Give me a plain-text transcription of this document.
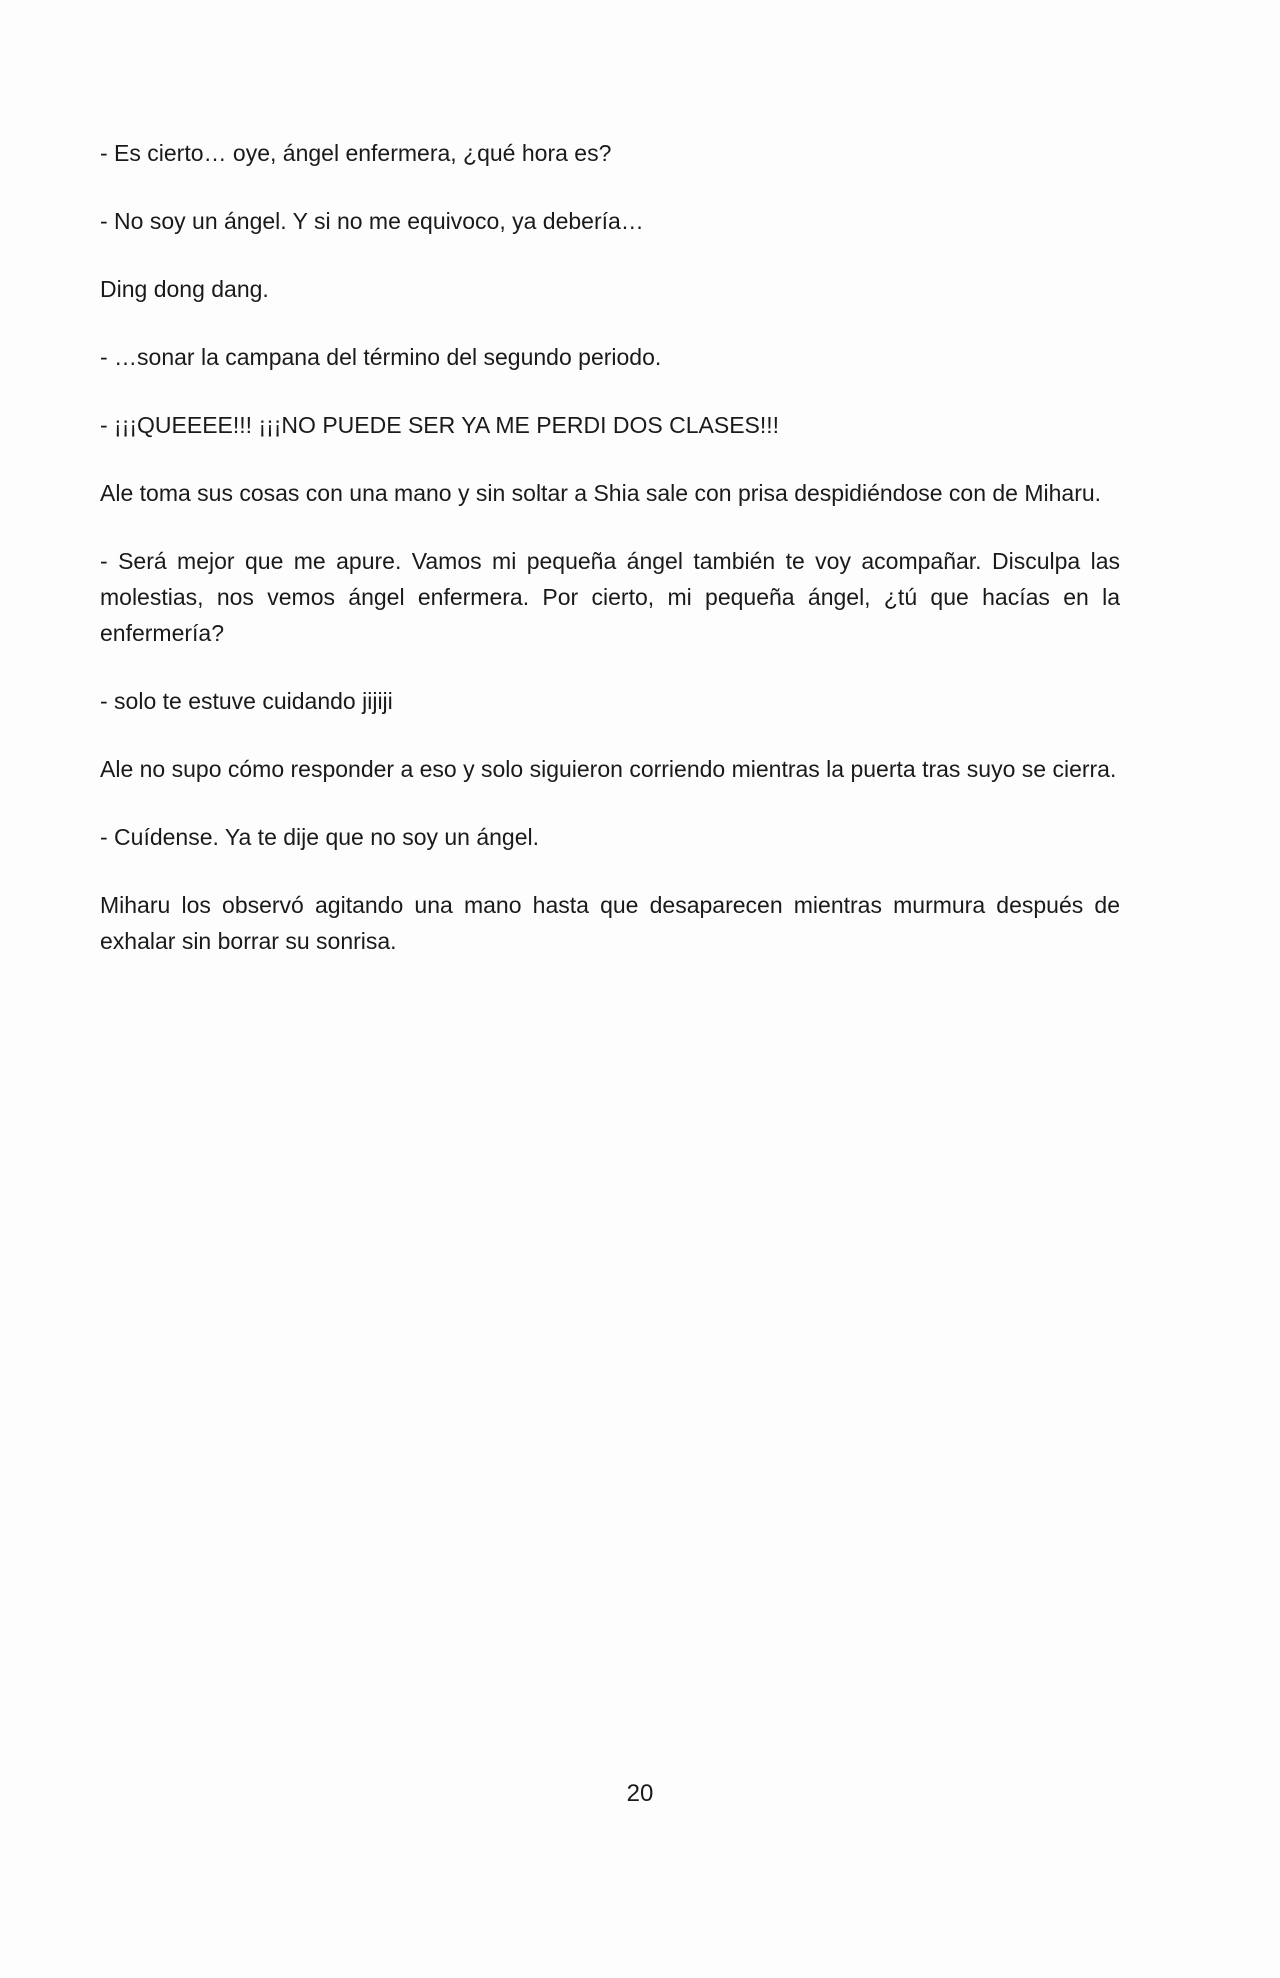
- Es cierto… oye, ángel enfermera, ¿qué hora es?

- No soy un ángel. Y si no me equivoco, ya debería…

Ding dong dang.

- …sonar la campana del término del segundo periodo.

- ¡¡¡QUEEEE!!! ¡¡¡NO PUEDE SER YA ME PERDI DOS CLASES!!!

Ale toma sus cosas con una mano y sin soltar a Shia sale con prisa despidiéndose con de Miharu.

- Será mejor que me apure. Vamos mi pequeña ángel también te voy acompañar. Disculpa las molestias, nos vemos ángel enfermera. Por cierto, mi pequeña ángel, ¿tú que hacías en la enfermería?

- solo te estuve cuidando jijiji

Ale no supo cómo responder a eso y solo siguieron corriendo mientras la puerta tras suyo se cierra.

- Cuídense. Ya te dije que no soy un ángel.

Miharu los observó agitando una mano hasta que desaparecen mientras murmura después de exhalar sin borrar su sonrisa.

20
